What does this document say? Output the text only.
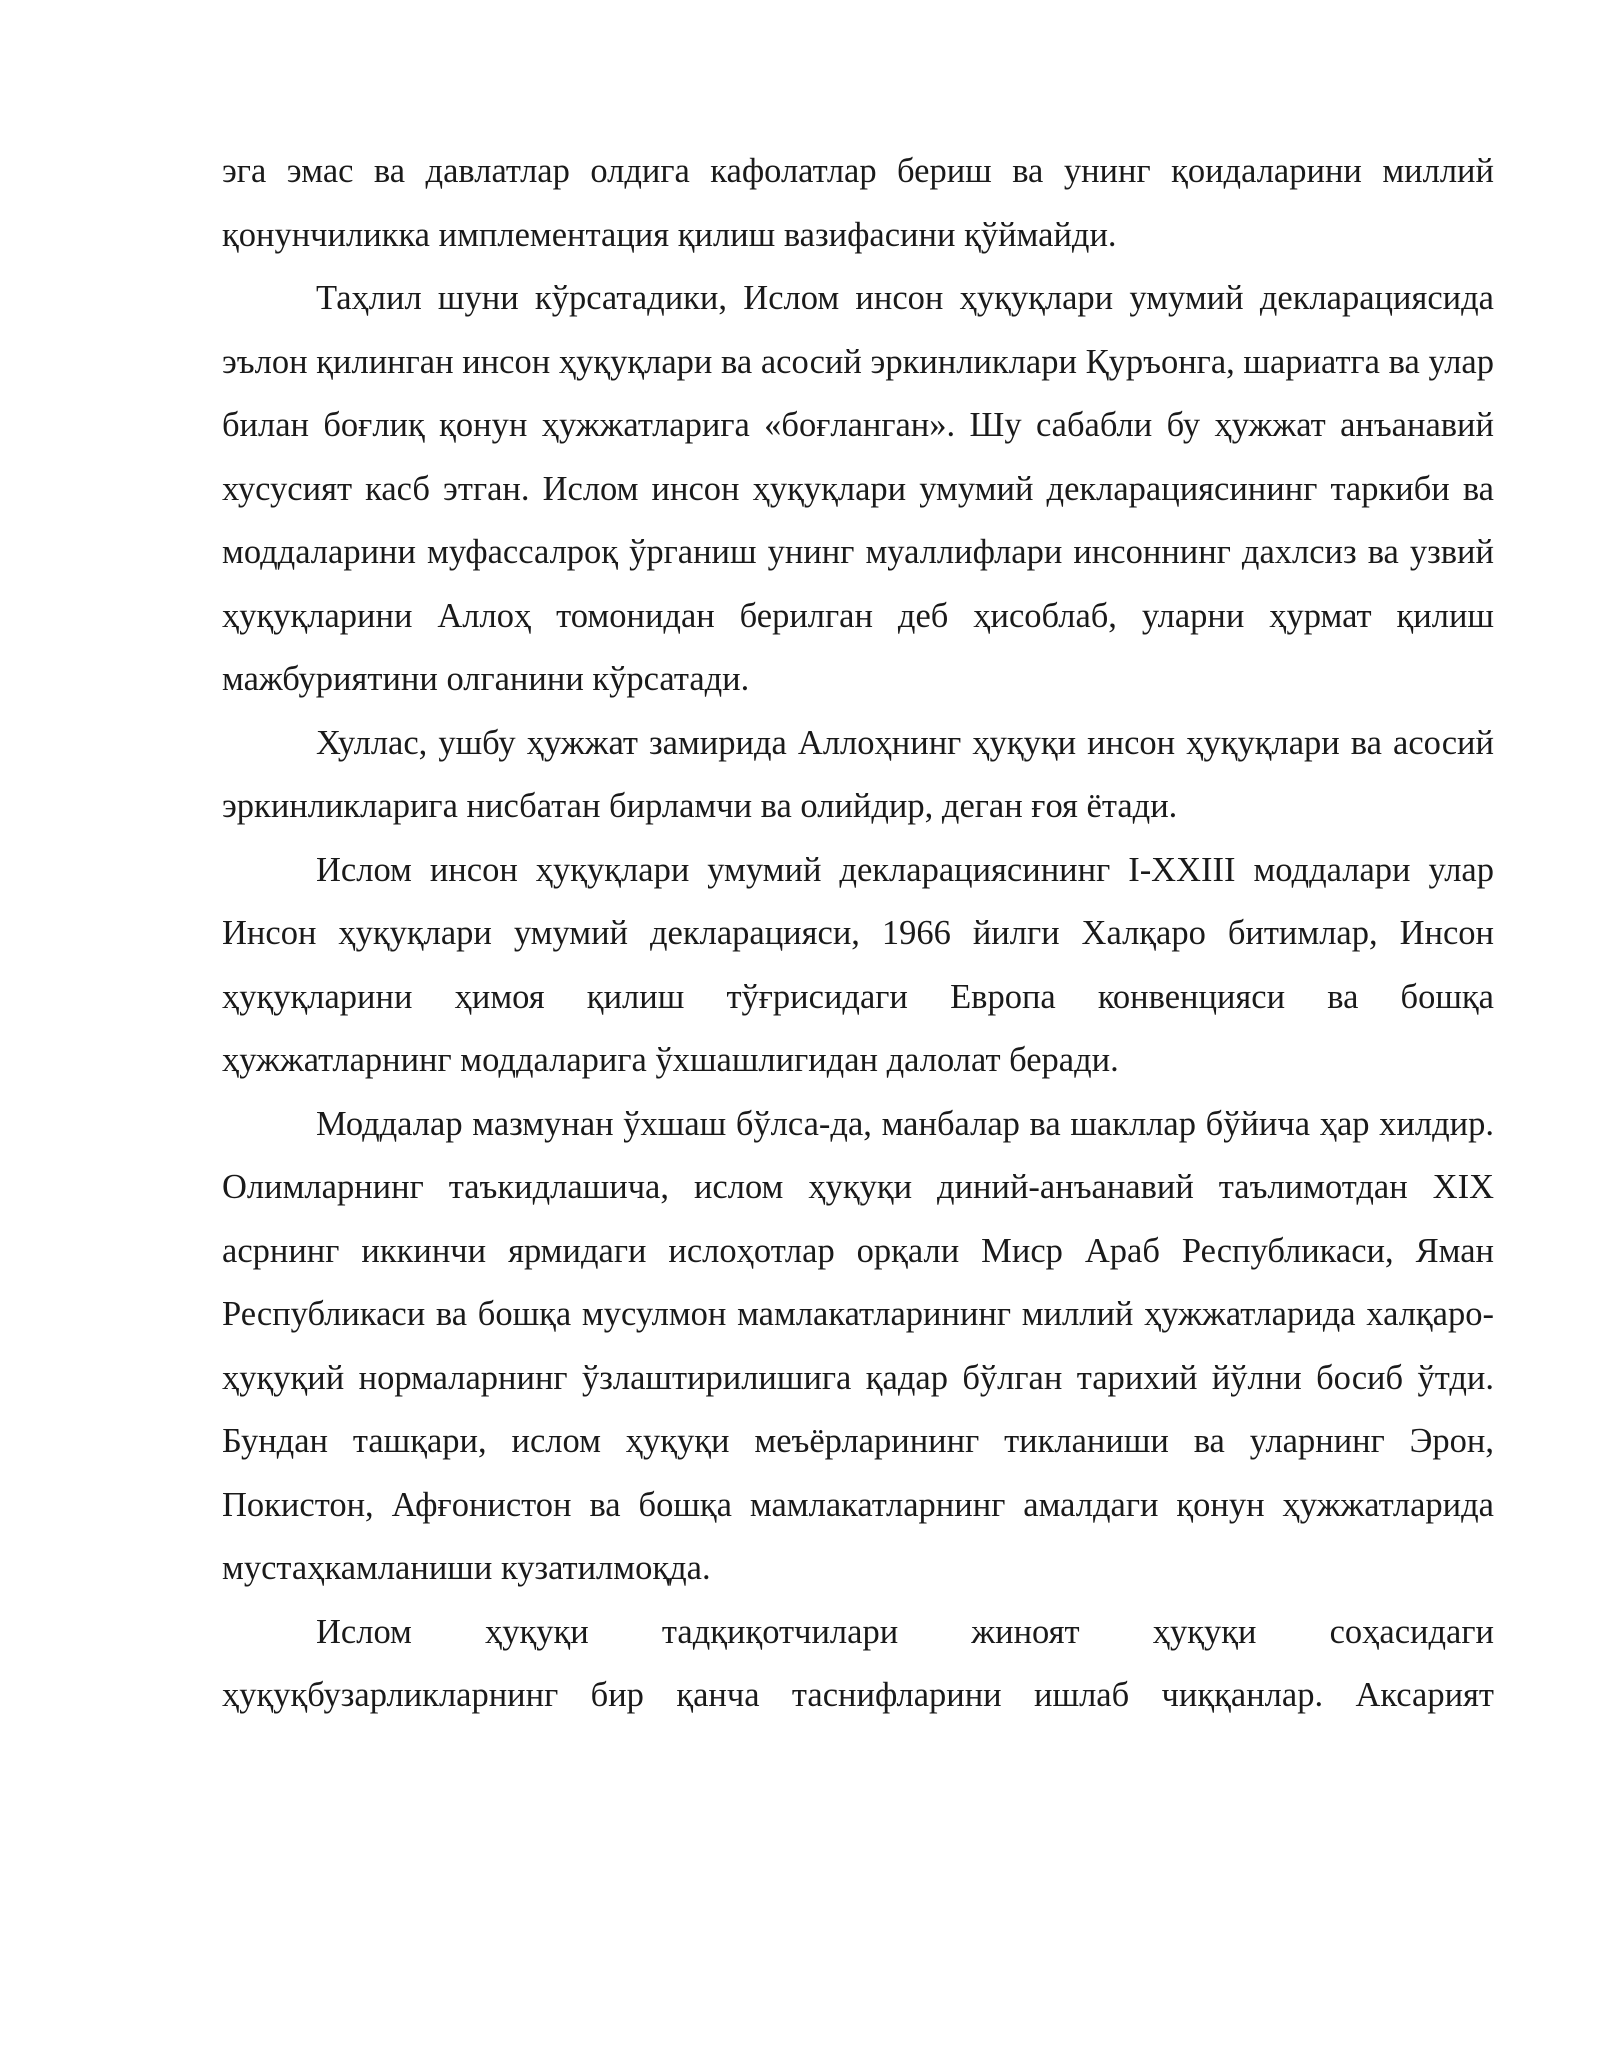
эга эмас ва давлатлар олдига кафолатлар бериш ва унинг қоидаларини миллий қонунчиликка имплементация қилиш вазифасини қўймайди.

Таҳлил шуни кўрсатадики, Ислом инсон ҳуқуқлари умумий декларациясида эълон қилинган инсон ҳуқуқлари ва асосий эркинликлари Қуръонга, шариатга ва улар билан боғлиқ қонун ҳужжатларига «боғланган». Шу сабабли бу ҳужжат анъанавий хусусият касб этган. Ислом инсон ҳуқуқлари умумий декларациясининг таркиби ва моддаларини муфассалроқ ўрганиш унинг муаллифлари инсоннинг дахлсиз ва узвий ҳуқуқларини Аллоҳ томонидан берилган деб ҳисоблаб, уларни ҳурмат қилиш мажбуриятини олганини кўрсатади.

Хуллас, ушбу ҳужжат замирида Аллоҳнинг ҳуқуқи инсон ҳуқуқлари ва асосий эркинликларига нисбатан бирламчи ва олийдир, деган ғоя ётади.

Ислом инсон ҳуқуқлари умумий декларациясининг I-XXIII моддалари улар Инсон ҳуқуқлари умумий декларацияси, 1966 йилги Халқаро битимлар, Инсон ҳуқуқларини ҳимоя қилиш тўғрисидаги Европа конвенцияси ва бошқа ҳужжатларнинг моддаларига ўхшашлигидан далолат беради.

Моддалар мазмунан ўхшаш бўлса-да, манбалар ва шакллар бўйича ҳар хилдир. Олимларнинг таъкидлашича, ислом ҳуқуқи диний-анъанавий таълимотдан XIX асрнинг иккинчи ярмидаги ислоҳотлар орқали Миср Араб Республикаси, Яман Республикаси ва бошқа мусулмон мамлакатларининг миллий ҳужжатларида халқаро-ҳуқуқий нормаларнинг ўзлаштирилишига қадар бўлган тарихий йўлни босиб ўтди. Бундан ташқари, ислом ҳуқуқи меъёрларининг тикланиши ва уларнинг Эрон, Покистон, Афғонистон ва бошқа мамлакатларнинг амалдаги қонун ҳужжатларида мустаҳкамланиши кузатилмоқда.

Ислом ҳуқуқи тадқиқотчилари жиноят ҳуқуқи соҳасидаги ҳуқуқбузарликларнинг бир қанча таснифларини ишлаб чиққанлар. Аксарият
